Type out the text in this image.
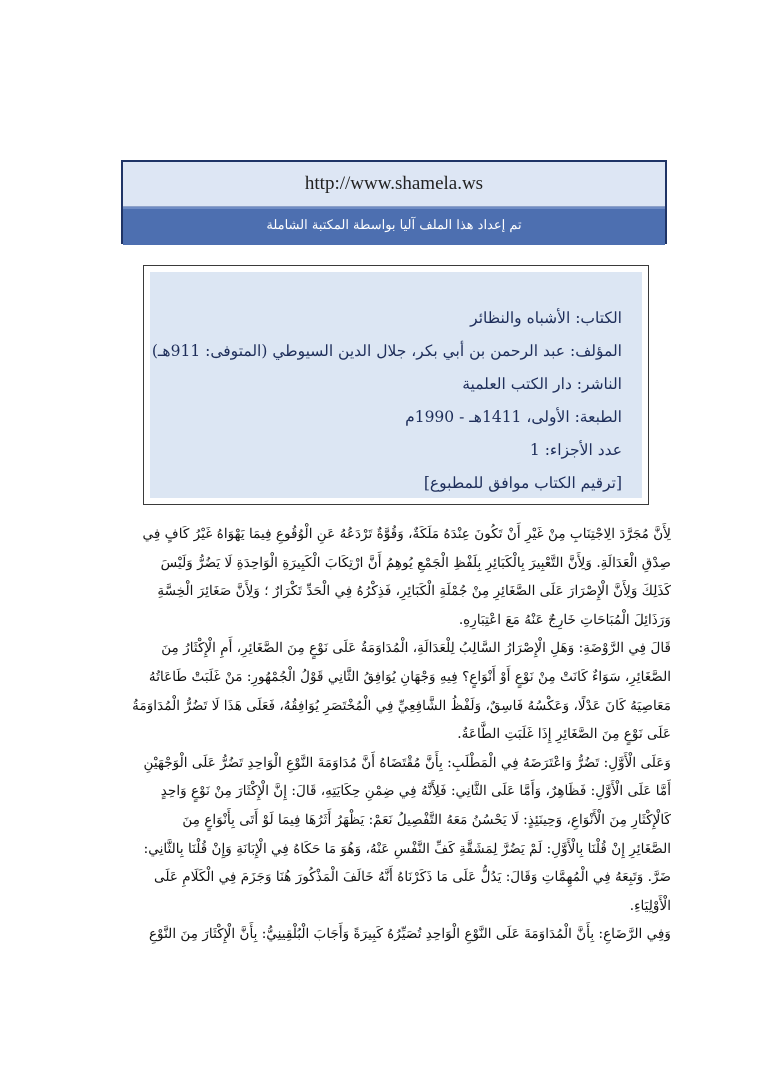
http://www.shamela.ws
تم إعداد هذا الملف آليا بواسطة المكتبة الشاملة
الكتاب: الأشباه والنظائر
المؤلف: عبد الرحمن بن أبي بكر، جلال الدين السيوطي (المتوفى: 911هـ)
الناشر: دار الكتب العلمية
الطبعة: الأولى، 1411هـ - 1990م
عدد الأجزاء: 1
[ترقيم الكتاب موافق للمطبوع]
لِأَنَّ مُجَرَّدَ الِاجْتِنَابِ مِنْ غَيْرِ أَنْ تَكُونَ عِنْدَهُ مَلَكَةٌ، وَقُوَّةٌ تَرْدَعُهُ عَنِ الْوُقُوعِ فِيمَا يَهْوَاهُ غَيْرُ كَافٍ فِي
صِدْقِ الْعَدَالَةِ. وَلِأَنَّ التَّعْبِيرَ بِالْكَبَائِرِ بِلَفْظِ الْجَمْعِ يُوهِمُ أَنَّ ارْتِكَابَ الْكَبِيرَةِ الْوَاحِدَةِ لَا يَضُرُّ وَلَيْسَ
كَذَلِكَ وَلِأَنَّ الْإِصْرَارَ عَلَى الصَّغَائِرِ مِنْ جُمْلَةِ الْكَبَائِرِ، فَذِكْرُهُ فِي الْحَدِّ تَكْرَارٌ ؛ وَلِأَنَّ صَغَائِرَ الْخِسَّةِ
وَرَذَائِلَ الْمُبَاحَاتِ خَارِجٌ عَنْهُ مَعَ اعْتِبَارِهِ.
قَالَ فِي الرَّوْضَةِ: وَهَلِ الْإِصْرَارُ السَّالِبُ لِلْعَدَالَةِ، الْمُدَاوَمَةُ عَلَى نَوْعٍ مِنَ الصَّغَائِرِ، أَمِ الْإِكْثَارُ مِنَ
الصَّغَائِرِ، سَوَاءٌ كَانَتْ مِنْ نَوْعٍ أَوْ أَنْوَاعٍ؟ فِيهِ وَجْهَانِ يُوَافِقُ الثَّانِي قَوْلُ الْجُمْهُورِ: مَنْ غَلَبَتْ طَاعَاتُهُ
مَعَاصِيَهُ كَانَ عَدْلًا، وَعَكْسُهُ فَاسِقٌ، وَلَفْظُ الشَّافِعِيِّ فِي الْمُخْتَصَرِ يُوَافِقُهُ، فَعَلَى هَذَا لَا تَضُرُّ الْمُدَاوَمَةُ
عَلَى نَوْعٍ مِنَ الصَّغَائِرِ إِذَا غَلَبَتِ الطَّاعَةُ.
وَعَلَى الْأَوَّلِ: تَضُرُّ وَاعْتَرَضَهُ فِي الْمَطْلَبِ: بِأَنَّ مُقْتَضَاهُ أَنَّ مُدَاوَمَةَ النَّوْعِ الْوَاحِدِ تَضُرُّ عَلَى الْوَجْهَيْنِ
أَمَّا عَلَى الْأَوَّلِ: فَظَاهِرٌ، وَأَمَّا عَلَى الثَّانِي: فَلِأَنَّهُ فِي ضِمْنِ حِكَايَتِهِ، قَالَ: إِنَّ الْإِكْثَارَ مِنْ نَوْعٍ وَاحِدٍ
كَالْإِكْثَارِ مِنَ الْأَنْوَاعِ، وَحِينَئِذٍ: لَا يَحْسُنُ مَعَهُ التَّفْصِيلُ نَعَمْ: يَظْهَرُ أَثَرُهَا فِيمَا لَوْ أَتَى بِأَنْوَاعٍ مِنَ
الصَّغَائِرِ إِنْ قُلْنَا بِالْأَوَّلِ: لَمْ يَضُرَّ لِمَشَقَّةِ كَفِّ النَّفْسِ عَنْهُ، وَهُوَ مَا حَكَاهُ فِي الْإِبَانَةِ وَإِنْ قُلْنَا بِالثَّانِي:
ضَرَّ. وَتَبِعَهُ فِي الْمُهِمَّاتِ وَقَالَ: يَدُلُّ عَلَى مَا ذَكَرْنَاهُ أَنَّهُ خَالَفَ الْمَذْكُورَ هُنَا وَجَزَمَ فِي الْكَلَامِ عَلَى
الْأَوْلِيَاءِ.
وَفِي الرَّضَاعِ: بِأَنَّ الْمُدَاوَمَةَ عَلَى النَّوْعِ الْوَاحِدِ تُصَيِّرُهُ كَبِيرَةً وَأَجَابَ الْبُلْقِينِيُّ: بِأَنَّ الْإِكْثَارَ مِنَ النَّوْعِ
